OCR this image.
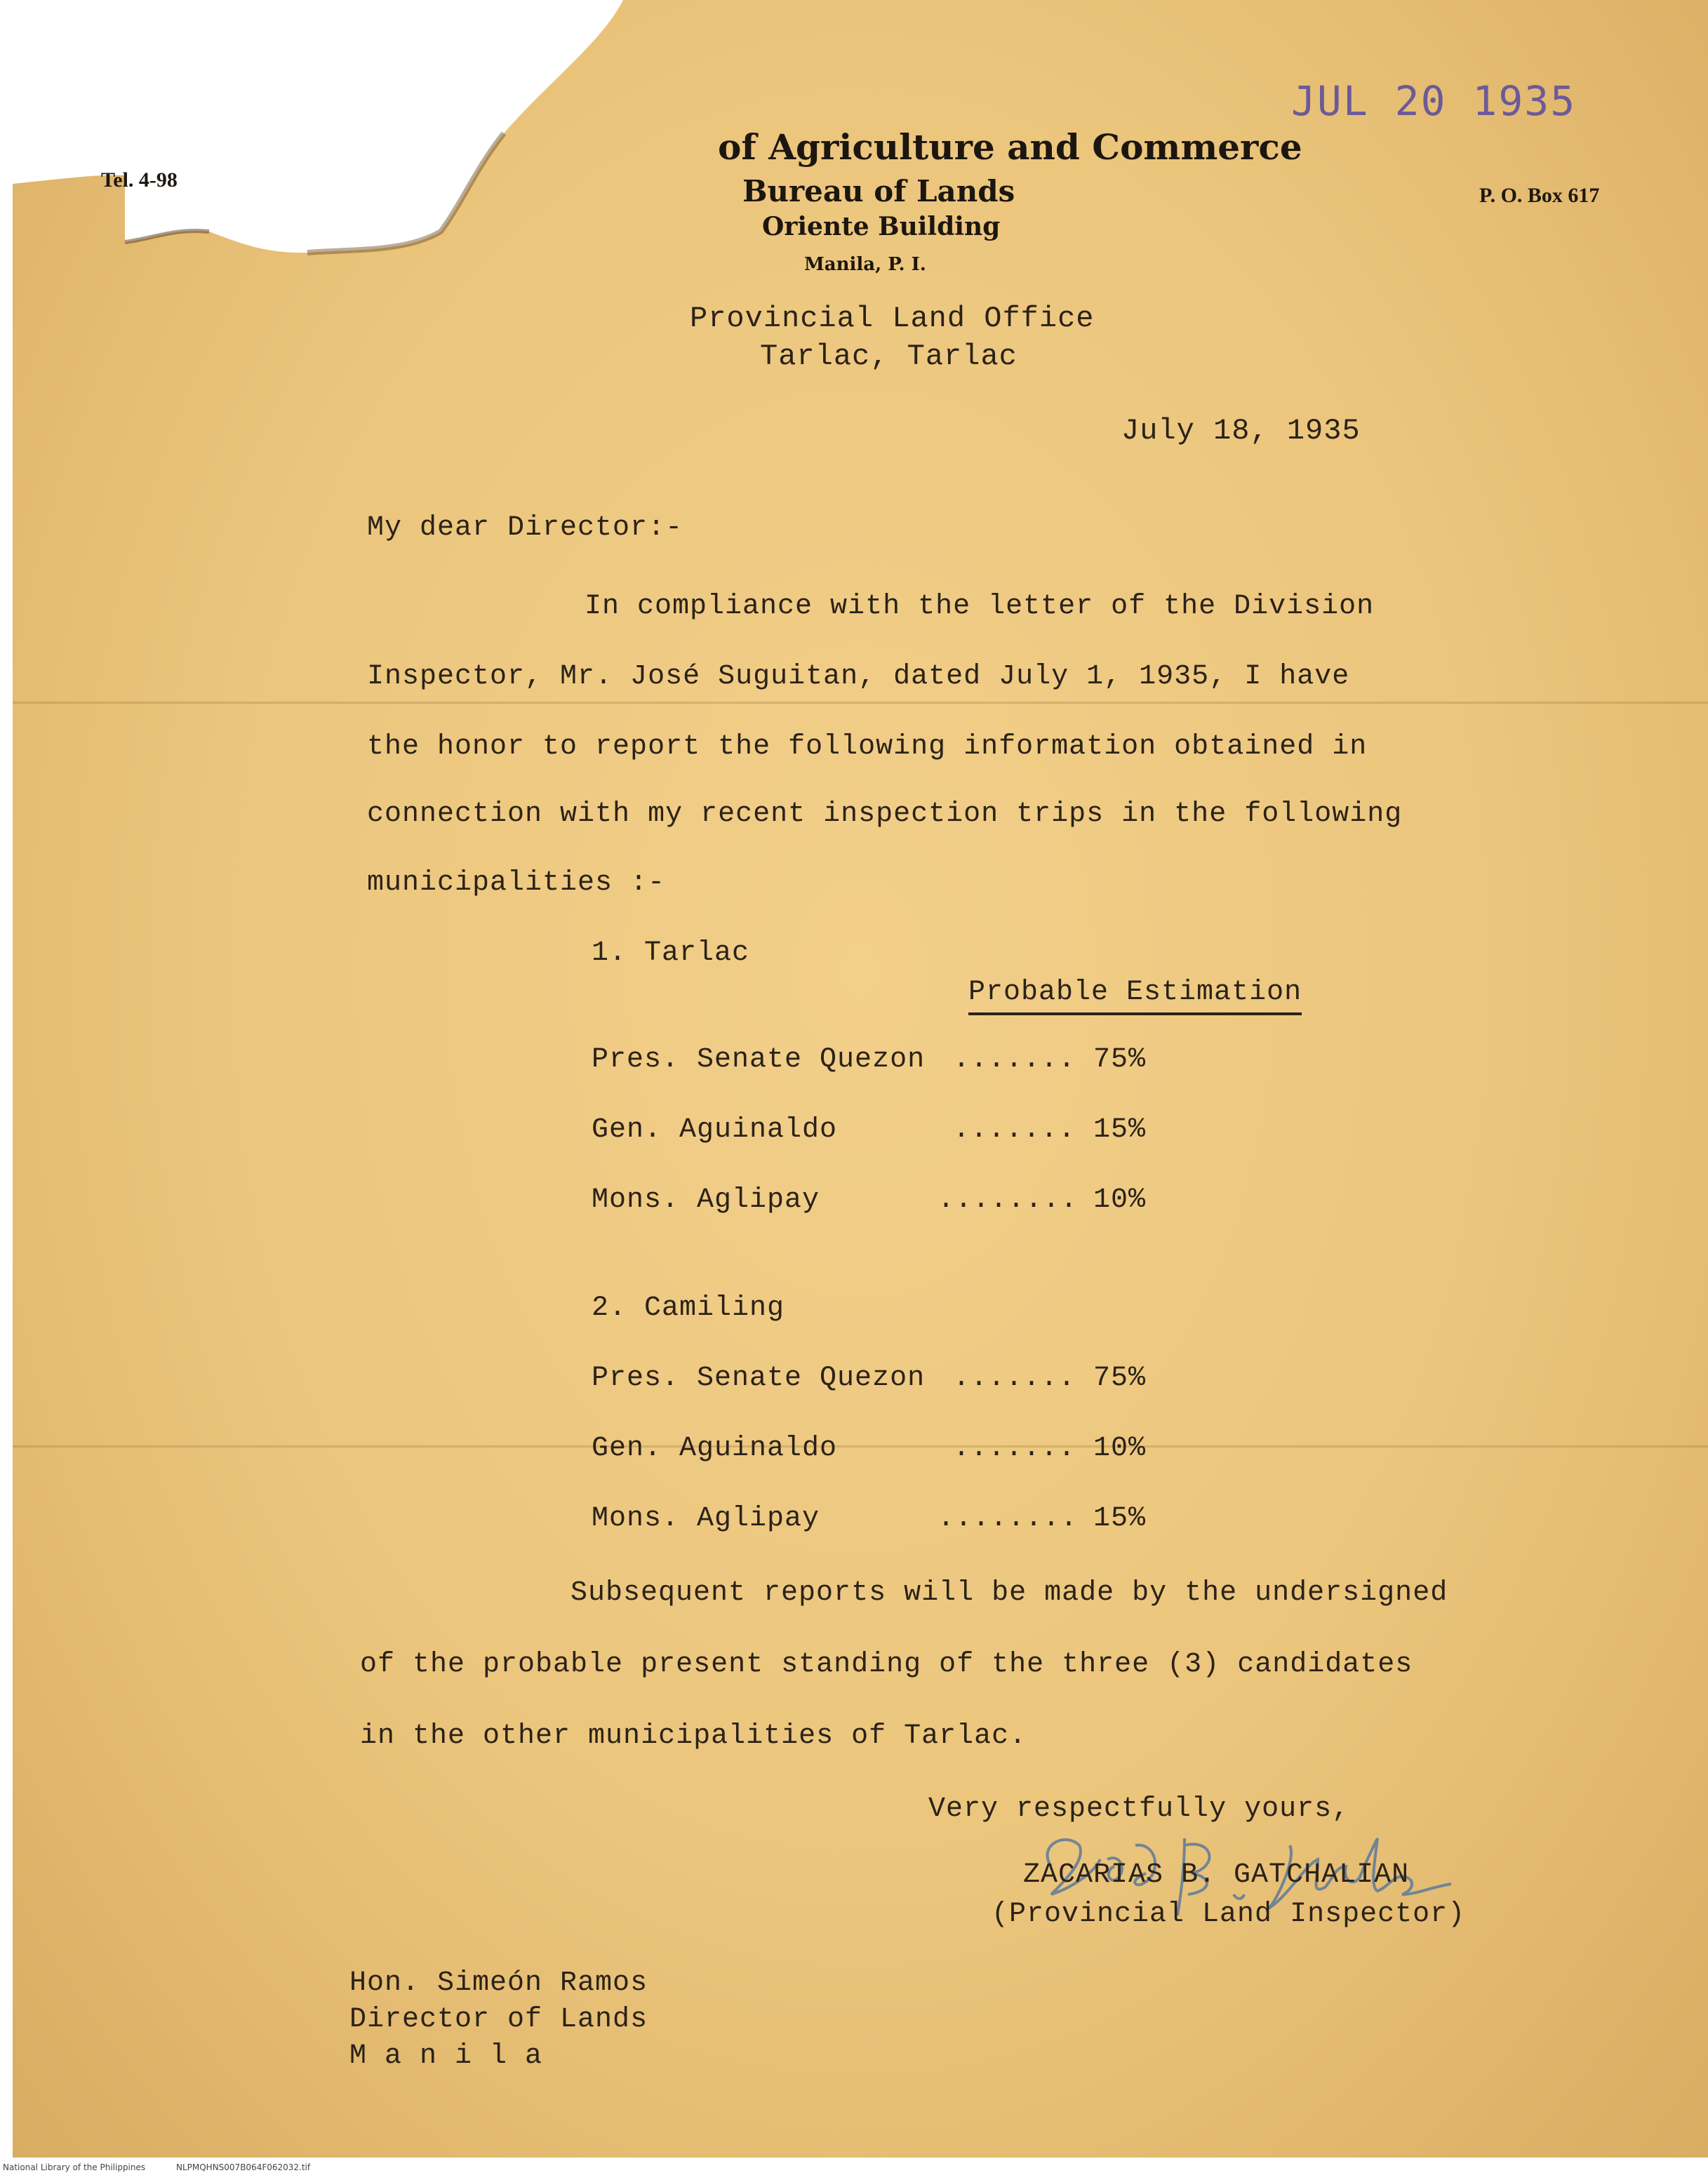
Tel. 4-98
P. O. Box 617
of Agriculture and Commerce
Bureau of Lands
Oriente Building
Manila, P. I.
Provincial Land Office
Tarlac, Tarlac
July 18, 1935
My dear Director:-
In compliance with the letter of the Division
Inspector, Mr. José Suguitan, dated July 1, 1935, I have
the honor to report the following information obtained in
connection with my recent inspection trips in the following
municipalities :-
1. Tarlac
Probable Estimation
Pres. Senate Quezon ....... 75%
Gen. Aguinaldo	....... 15%
Mons. Aglipay	........ 10%
2. Camiling
Pres. Senate Quezon ....... 75%
Gen. Aguinaldo	....... 10%
Mons. Aglipay	........ 15%
Subsequent reports will be made by the undersigned
of the probable present standing of the three (3) candidates
in the other municipalities of Tarlac.
Very respectfully yours,
ZACARIAS B. GATCHALIAN
(Provincial Land Inspector)
Hon. Simeón Ramos
Director of Lands
M a n i l a
JUL 20 1935
National Library of the Philippines	NLPMQHNS007B064F062032.tif
